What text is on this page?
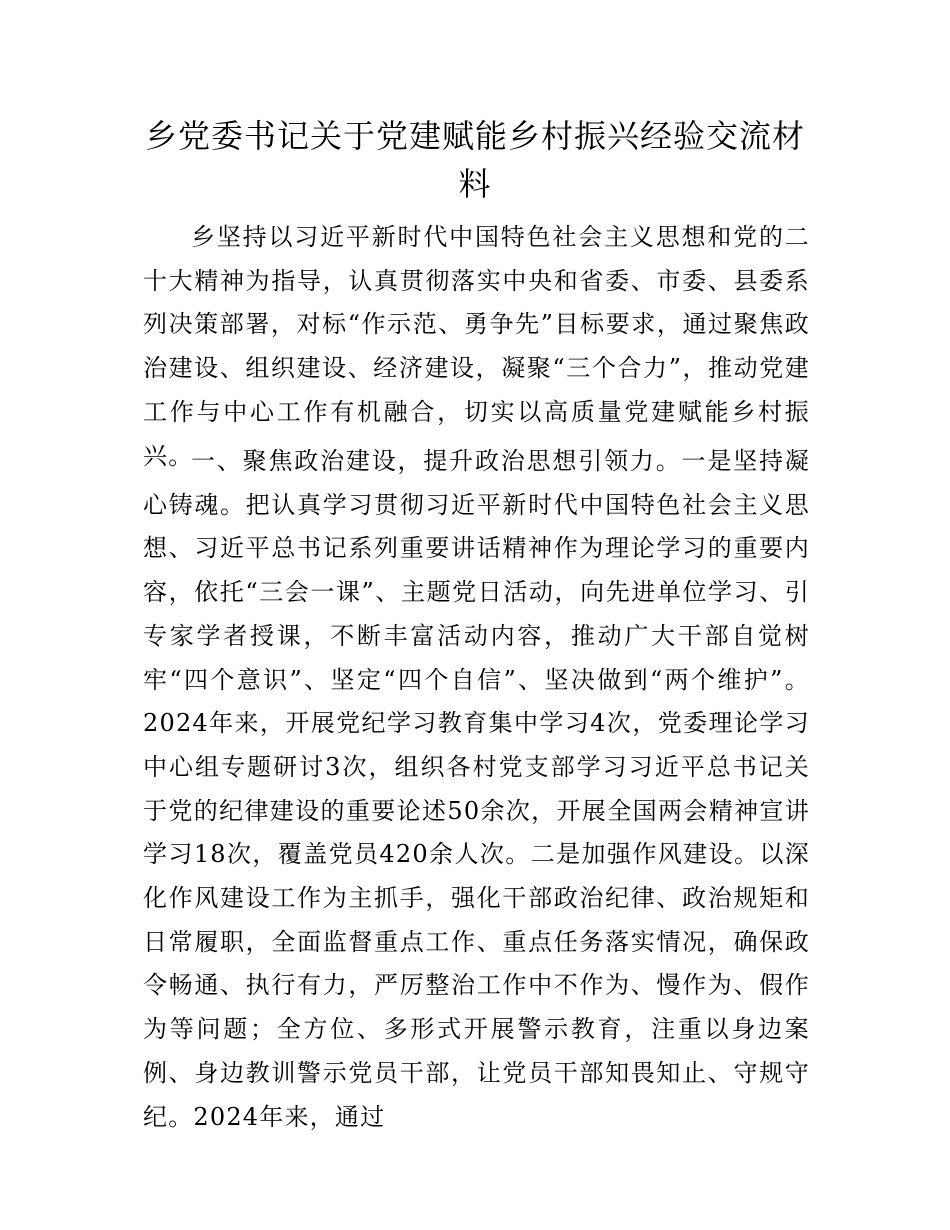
乡党委书记关于党建赋能乡村振兴经验交流材料

乡坚持以习近平新时代中国特色社会主义思想和党的二十大精神为指导，认真贯彻落实中央和省委、市委、县委系列决策部署，对标“作示范、勇争先”目标要求，通过聚焦政治建设、组织建设、经济建设，凝聚“三个合力”，推动党建工作与中心工作有机融合，切实以高质量党建赋能乡村振兴。

一、聚焦政治建设，提升政治思想引领力。一是坚持凝心铸魂。把认真学习贯彻习近平新时代中国特色社会主义思想、习近平总书记系列重要讲话精神作为理论学习的重要内容，依托“三会一课”、主题党日活动，向先进单位学习、引专家学者授课，不断丰富活动内容，推动广大干部自觉树牢“四个意识”、坚定“四个自信”、坚决做到“两个维护”。2024年来，开展党纪学习教育集中学习4次，党委理论学习中心组专题研讨3次，组织各村党支部学习习近平总书记关于党的纪律建设的重要论述50余次，开展全国两会精神宣讲学习18次，覆盖党员420余人次。二是加强作风建设。以深化作风建设工作为主抓手，强化干部政治纪律、政治规矩和日常履职，全面监督重点工作、重点任务落实情况，确保政令畅通、执行有力，严厉整治工作中不作为、慢作为、假作为等问题；全方位、多形式开展警示教育，注重以身边案例、身边教训警示党员干部，让党员干部知畏知止、守规守纪。2024年来，通过
